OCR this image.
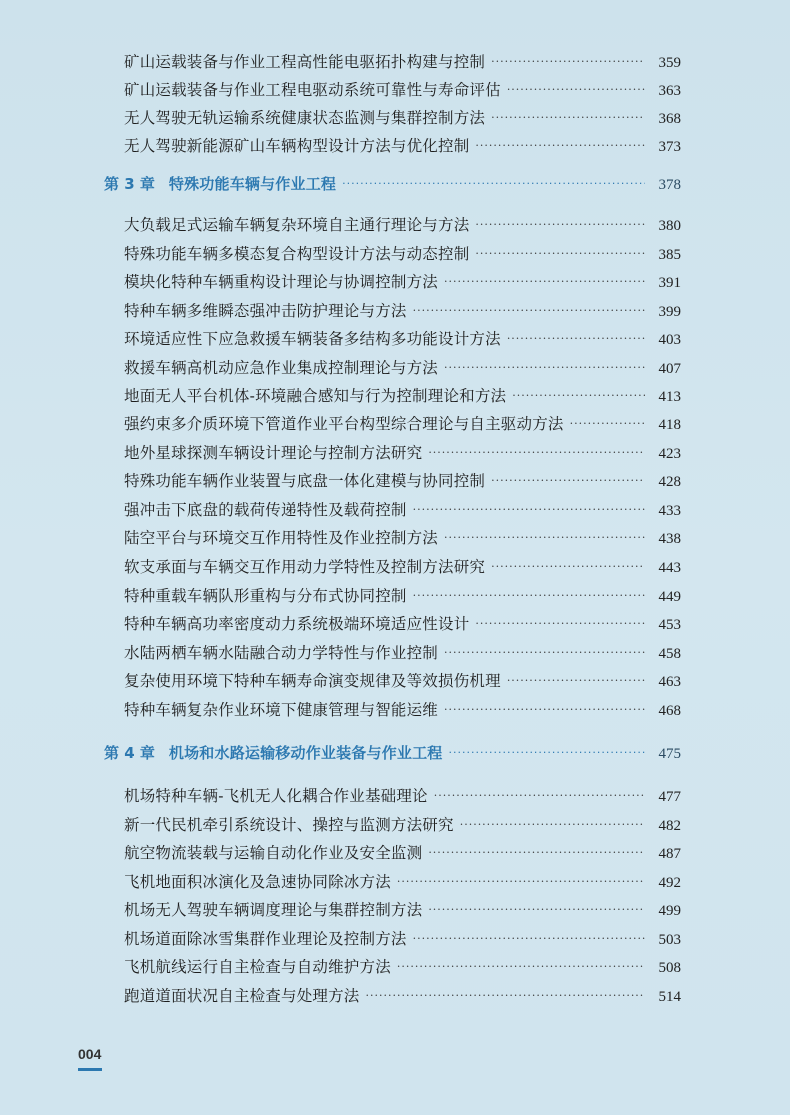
矿山运载装备与作业工程高性能电驱拓扑构建与控制 ·····	359
矿山运载装备与作业工程电驱动系统可靠性与寿命评估 ·····	363
无人驾驶无轨运输系统健康状态监测与集群控制方法 ·····	368
无人驾驶新能源矿山车辆构型设计方法与优化控制 ·····	373
第 3 章 特殊功能车辆与作业工程 ·····	378
大负载足式运输车辆复杂环境自主通行理论与方法 ·····	380
特殊功能车辆多模态复合构型设计方法与动态控制 ·····	385
模块化特种车辆重构设计理论与协调控制方法 ·····	391
特种车辆多维瞬态强冲击防护理论与方法 ·····	399
环境适应性下应急救援车辆装备多结构多功能设计方法 ·····	403
救援车辆高机动应急作业集成控制理论与方法 ·····	407
地面无人平台机体-环境融合感知与行为控制理论和方法 ·····	413
强约束多介质环境下管道作业平台构型综合理论与自主驱动方法 ·····	418
地外星球探测车辆设计理论与控制方法研究 ·····	423
特殊功能车辆作业装置与底盘一体化建模与协同控制 ·····	428
强冲击下底盘的载荷传递特性及载荷控制 ·····	433
陆空平台与环境交互作用特性及作业控制方法 ·····	438
软支承面与车辆交互作用动力学特性及控制方法研究 ·····	443
特种重载车辆队形重构与分布式协同控制 ·····	449
特种车辆高功率密度动力系统极端环境适应性设计 ·····	453
水陆两栖车辆水陆融合动力学特性与作业控制 ·····	458
复杂使用环境下特种车辆寿命演变规律及等效损伤机理 ·····	463
特种车辆复杂作业环境下健康管理与智能运维 ·····	468
第 4 章 机场和水路运输移动作业装备与作业工程 ·····	475
机场特种车辆-飞机无人化耦合作业基础理论 ·····	477
新一代民机牵引系统设计、操控与监测方法研究 ·····	482
航空物流装载与运输自动化作业及安全监测 ·····	487
飞机地面积冰演化及急速协同除冰方法 ·····	492
机场无人驾驶车辆调度理论与集群控制方法 ·····	499
机场道面除冰雪集群作业理论及控制方法 ·····	503
飞机航线运行自主检查与自动维护方法 ·····	508
跑道道面状况自主检查与处理方法 ·····	514
004
